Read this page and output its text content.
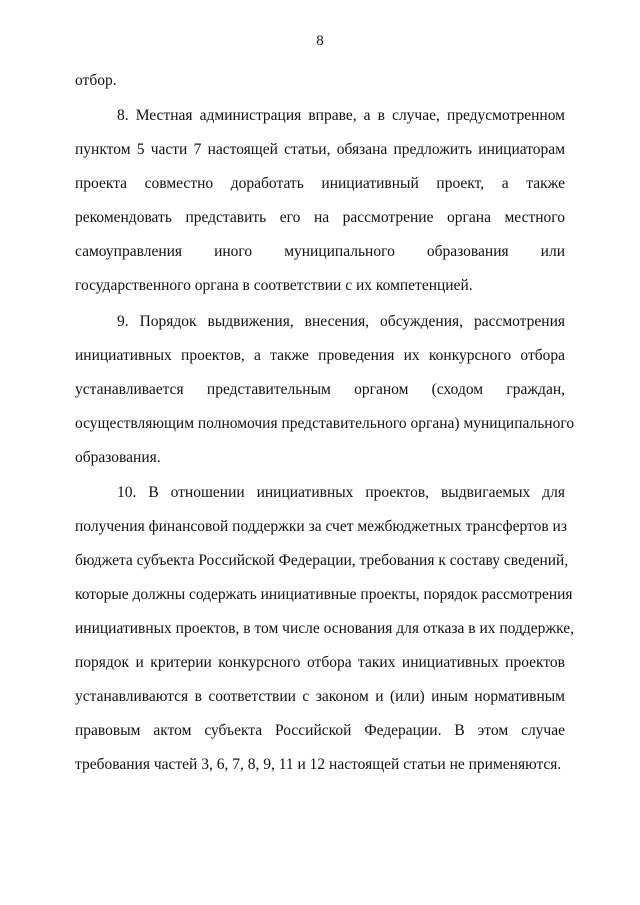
8
отбор.
8. Местная администрация вправе, а в случае, предусмотренном
пунктом 5 части 7 настоящей статьи, обязана предложить инициаторам
проекта совместно доработать инициативный проект, а также
рекомендовать представить его на рассмотрение органа местного
самоуправления иного муниципального образования или
государственного органа в соответствии с их компетенцией.
9. Порядок выдвижения, внесения, обсуждения, рассмотрения
инициативных проектов, а также проведения их конкурсного отбора
устанавливается представительным органом (сходом граждан,
осуществляющим полномочия представительного органа) муниципального
образования.
10. В отношении инициативных проектов, выдвигаемых для
получения финансовой поддержки за счет межбюджетных трансфертов из
бюджета субъекта Российской Федерации, требования к составу сведений,
которые должны содержать инициативные проекты, порядок рассмотрения
инициативных проектов, в том числе основания для отказа в их поддержке,
порядок и критерии конкурсного отбора таких инициативных проектов
устанавливаются в соответствии с законом и (или) иным нормативным
правовым актом субъекта Российской Федерации. В этом случае
требования частей 3, 6, 7, 8, 9, 11 и 12 настоящей статьи не применяются.
